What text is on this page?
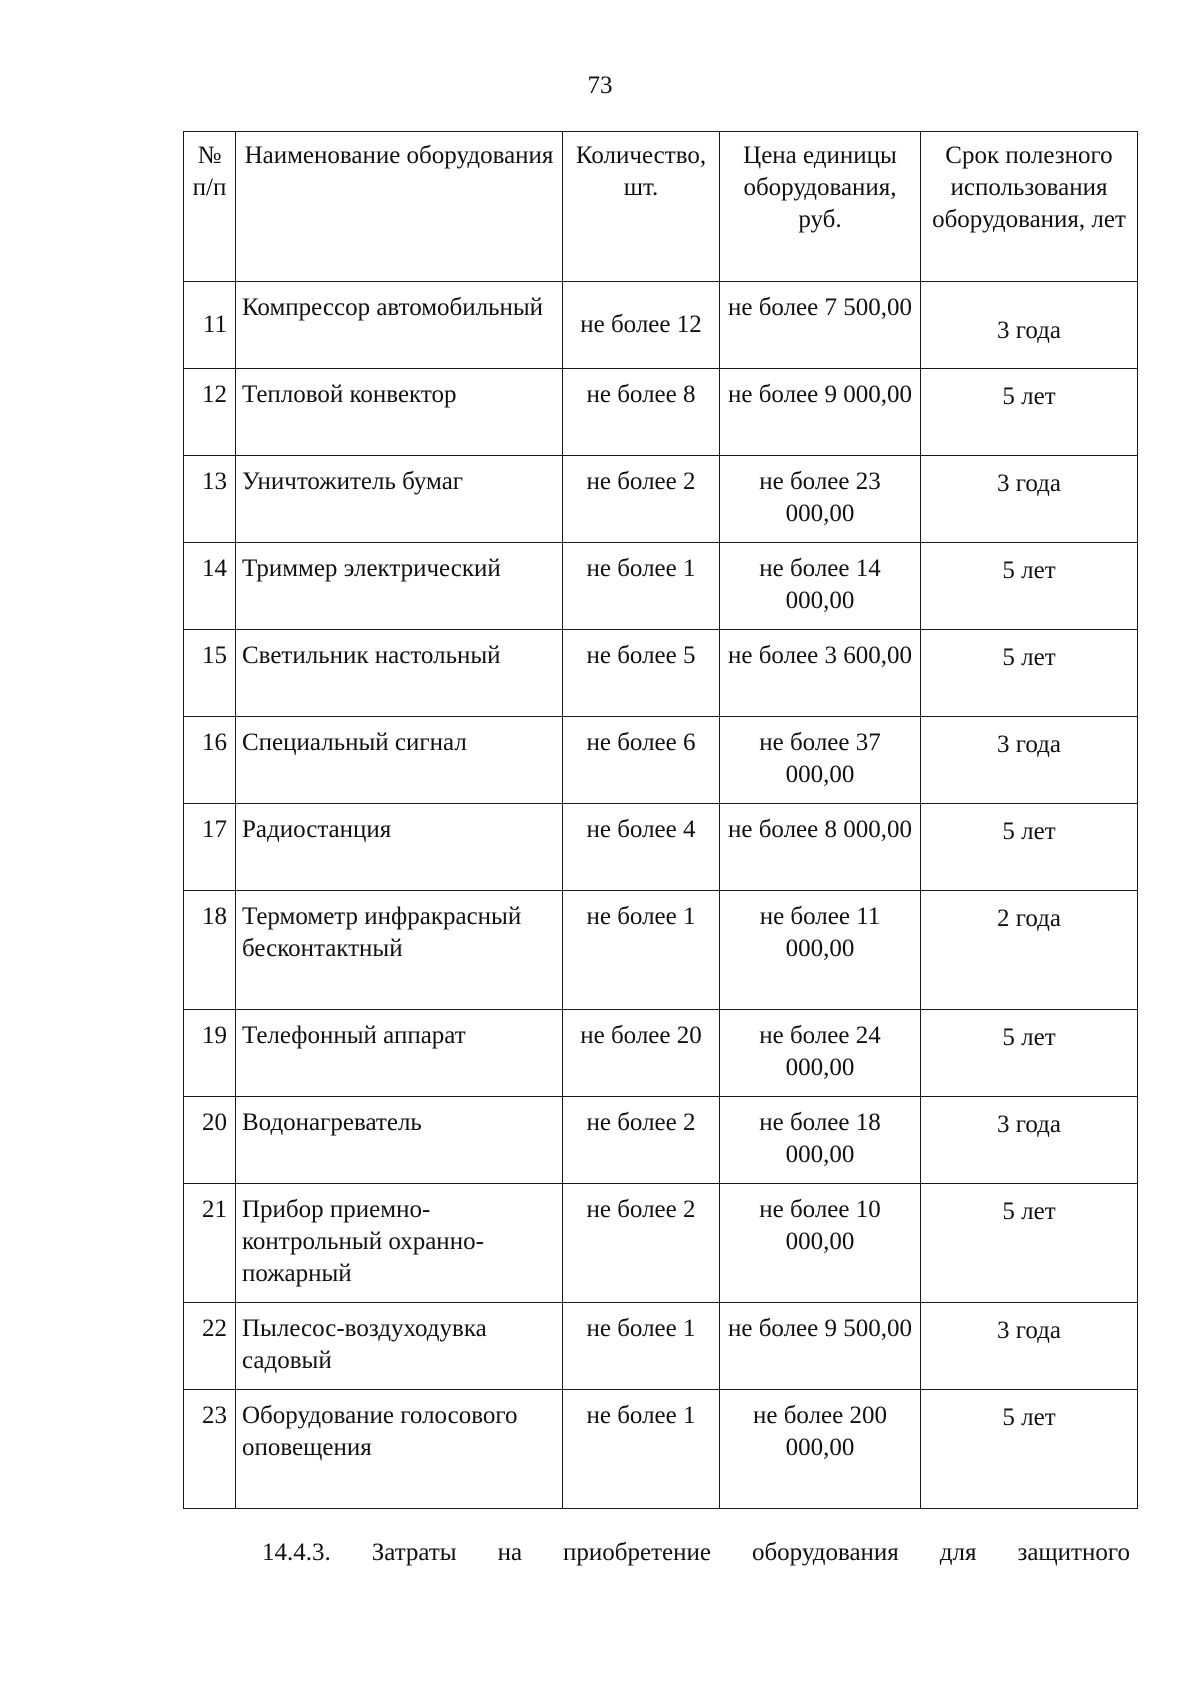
73
№ п/п	Наименование оборудования	Количество, шт.	Цена единицы оборудования, руб.	Срок полезного использования оборудования, лет
11	Компрессор автомобильный	не более 12	не более 7 500,00	3 года
12	Тепловой конвектор	не более 8	не более 9 000,00	5 лет
13	Уничтожитель бумаг	не более 2	не более 23 000,00	3 года
14	Триммер электрический	не более 1	не более 14 000,00	5 лет
15	Светильник настольный	не более 5	не более 3 600,00	5 лет
16	Специальный сигнал	не более 6	не более 37 000,00	3 года
17	Радиостанция	не более 4	не более 8 000,00	5 лет
18	Термометр инфракрасный бесконтактный	не более 1	не более 11 000,00	2 года
19	Телефонный аппарат	не более 20	не более 24 000,00	5 лет
20	Водонагреватель	не более 2	не более 18 000,00	3 года
21	Прибор приемно-контрольный охранно-пожарный	не более 2	не более 10 000,00	5 лет
22	Пылесос-воздуходувка садовый	не более 1	не более 9 500,00	3 года
23	Оборудование голосового оповещения	не более 1	не более 200 000,00	5 лет
14.4.3. Затраты на приобретение оборудования для защитного
